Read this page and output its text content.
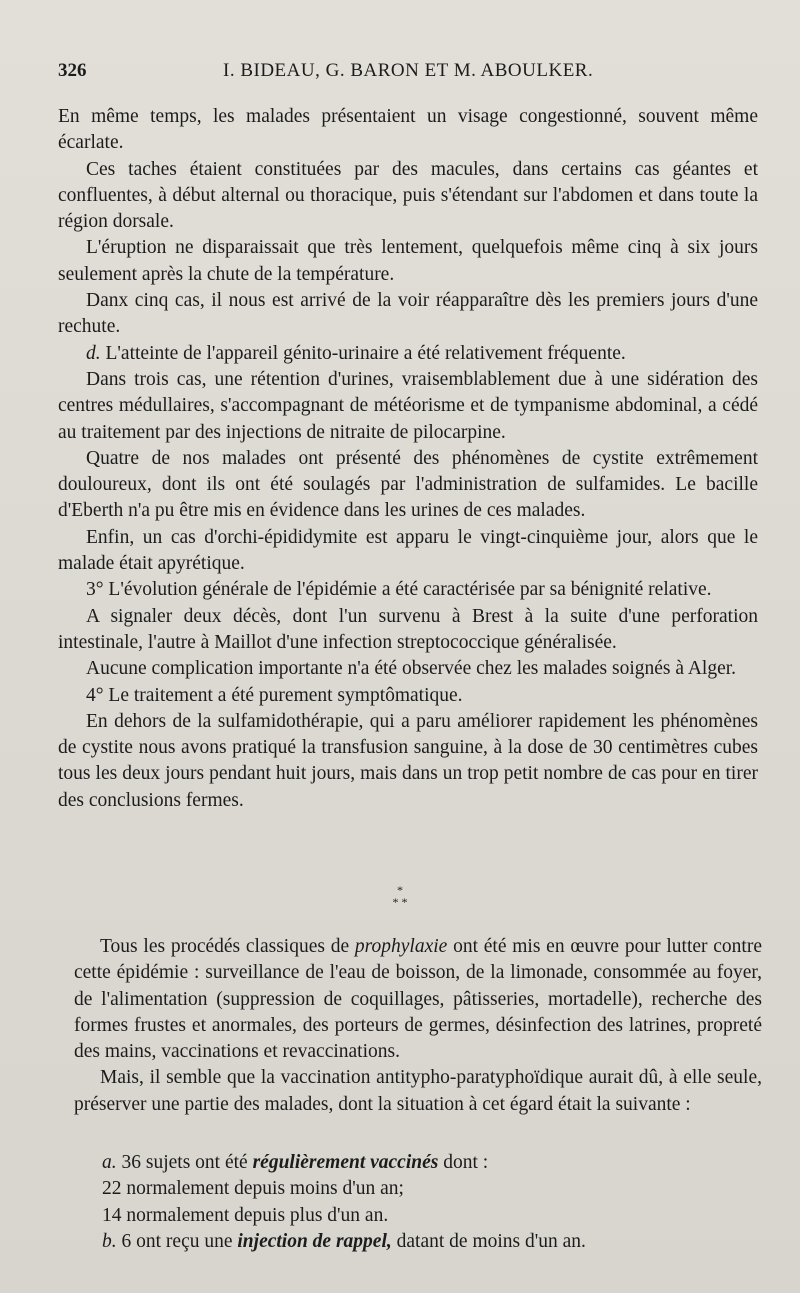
326	I. BIDEAU, G. BARON ET M. ABOULKER.

En même temps, les malades présentaient un visage congestionné, souvent même écarlate.

Ces taches étaient constituées par des macules, dans certains cas géantes et confluentes, à début alternal ou thoracique, puis s'étendant sur l'abdomen et dans toute la région dorsale.

L'éruption ne disparaissait que très lentement, quelquefois même cinq à six jours seulement après la chute de la température.

Danx cinq cas, il nous est arrivé de la voir réapparaître dès les premiers jours d'une rechute.

d. L'atteinte de l'appareil génito-urinaire a été relativement fréquente.

Dans trois cas, une rétention d'urines, vraisemblablement due à une sidération des centres médullaires, s'accompagnant de météorisme et de tympanisme abdominal, a cédé au traitement par des injections de nitraite de pilocarpine.

Quatre de nos malades ont présenté des phénomènes de cystite extrêmement douloureux, dont ils ont été soulagés par l'administration de sulfamides. Le bacille d'Eberth n'a pu être mis en évidence dans les urines de ces malades.

Enfin, un cas d'orchi-épididymite est apparu le vingt-cinquième jour, alors que le malade était apyrétique.

3° L'évolution générale de l'épidémie a été caractérisée par sa bénignité relative.

A signaler deux décès, dont l'un survenu à Brest à la suite d'une perforation intestinale, l'autre à Maillot d'une infection streptococcique généralisée.

Aucune complication importante n'a été observée chez les malades soignés à Alger.

4° Le traitement a été purement symptômatique.

En dehors de la sulfamidothérapie, qui a paru améliorer rapidement les phénomènes de cystite nous avons pratiqué la transfusion sanguine, à la dose de 30 centimètres cubes tous les deux jours pendant huit jours, mais dans un trop petit nombre de cas pour en tirer des conclusions fermes.

*
* *

Tous les procédés classiques de prophylaxie ont été mis en œuvre pour lutter contre cette épidémie : surveillance de l'eau de boisson, de la limonade, consommée au foyer, de l'alimentation (suppression de coquillages, pâtisseries, mortadelle), recherche des formes frustes et anormales, des porteurs de germes, désinfection des latrines, propreté des mains, vaccinations et revaccinations.

Mais, il semble que la vaccination antitypho-paratyphoïdique aurait dû, à elle seule, préserver une partie des malades, dont la situation à cet égard était la suivante :

a. 36 sujets ont été régulièrement vaccinés dont :
22 normalement depuis moins d'un an;
14 normalement depuis plus d'un an.
b. 6 ont reçu une injection de rappel, datant de moins d'un an.
